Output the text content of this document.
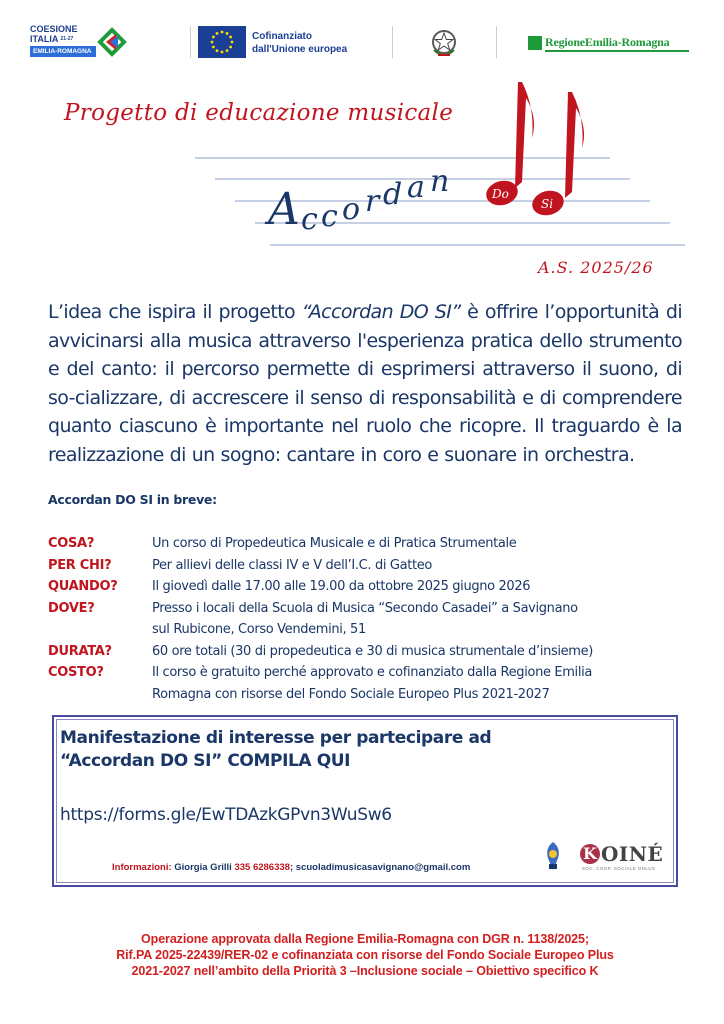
COESIONE
ITALIA $^{21-27}$
EMILIA-ROMAGNA
Cofinanziato
dall'Unione europea
RegioneEmilia-Romagna
Progetto di educazione musicale
A c c o r d a n	Do
Si
A.S. 2025/26
L’idea che ispira il progetto “Accordan DO SI” è offrire l’opportunità di avvicinarsi alla musica attraverso l'esperienza pratica dello strumento e del canto: il percorso permette di esprimersi attraverso il suono, di so-cializzare, di accrescere il senso di responsabilità e di comprendere quanto ciascuno è importante nel ruolo che ricopre. Il traguardo è la realizzazione di un sogno: cantare in coro e suonare in orchestra.
Accordan DO SI in breve:
COSA?	Un corso di Propedeutica Musicale e di Pratica Strumentale
PER CHI?	Per allievi delle classi IV e V dell’I.C. di Gatteo
QUANDO?	Il giovedì dalle 17.00 alle 19.00 da ottobre 2025 giugno 2026
DOVE?	Presso i locali della Scuola di Musica “Secondo Casadei” a Savignano
sul Rubicone, Corso Vendemini, 51
DURATA?	60 ore totali (30 di propedeutica e 30 di musica strumentale d’insieme)
COSTO?	Il corso è gratuito perché approvato e cofinanziato dalla Regione Emilia
Romagna con risorse del Fondo Sociale Europeo Plus 2021-2027
Manifestazione di interesse per partecipare ad
“Accordan DO SI” COMPILA QUI
https://forms.gle/EwTDAzkGPvn3WuSw6
Informazioni: Giorgia Grilli 335 6286338; scuoladimusicasavignano@gmail.com
K OINÉ
SOC. COOP. SOCIALE ONLUS
Operazione approvata dalla Regione Emilia-Romagna con DGR n. 1138/2025;
Rif.PA 2025-22439/RER-02 e cofinanziata con risorse del Fondo Sociale Europeo Plus
2021-2027 nell’ambito della Priorità 3 –Inclusione sociale – Obiettivo specifico K
